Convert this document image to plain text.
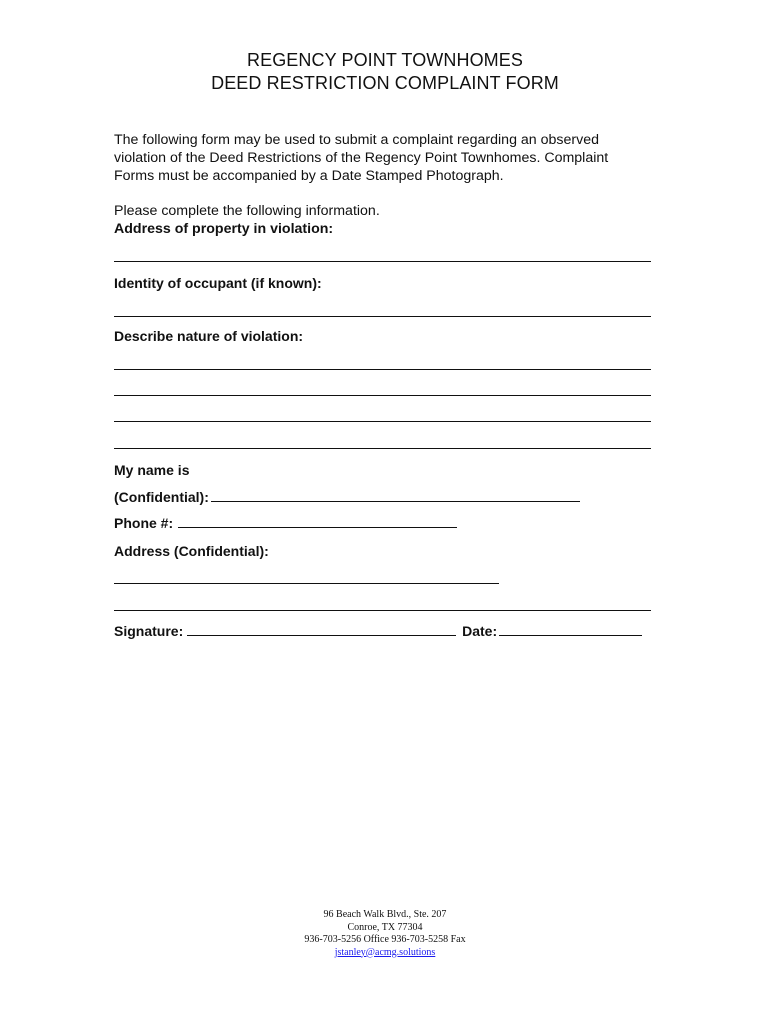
REGENCY POINT TOWNHOMES
DEED RESTRICTION COMPLAINT FORM
The following form may be used to submit a complaint regarding an observed
violation of the Deed Restrictions of the Regency Point Townhomes. Complaint
Forms must be accompanied by a Date Stamped Photograph.
Please complete the following information.
Address of property in violation:
Identity of occupant (if known):
Describe nature of violation:
My name is
(Confidential):
Phone #:
Address (Confidential):
Signature:	Date:
96 Beach Walk Blvd., Ste. 207
Conroe, TX 77304
936-703-5256 Office 936-703-5258 Fax
jstanley@acmg.solutions
